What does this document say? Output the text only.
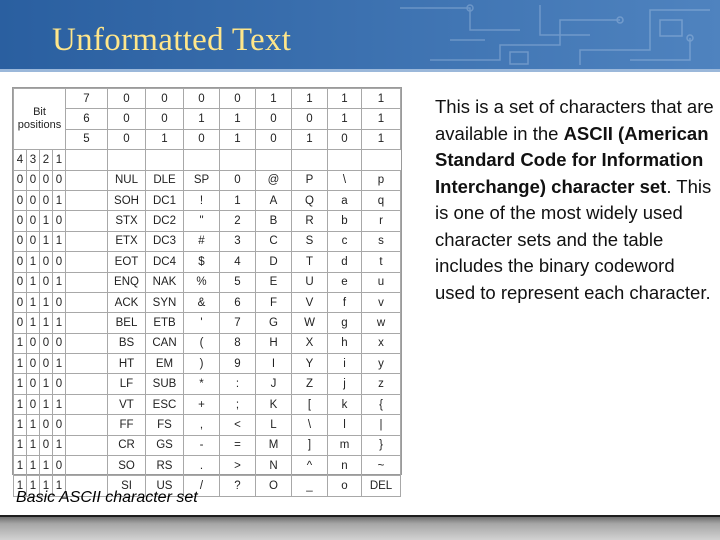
Unformatted Text
Bit positions				7	0	0	0	0	1	1	1	1
				6	0	0	1	1	0	0	1	1
				5	0	1	0	1	0	1	0	1
4	3	2	1									
0	0	0	0		NUL	DLE	SP	0	@	P	\	p
0	0	0	1		SOH	DC1	!	1	A	Q	a	q
0	0	1	0		STX	DC2	"	2	B	R	b	r
0	0	1	1		ETX	DC3	#	3	C	S	c	s
0	1	0	0		EOT	DC4	$	4	D	T	d	t
0	1	0	1		ENQ	NAK	%	5	E	U	e	u
0	1	1	0		ACK	SYN	&	6	F	V	f	v
0	1	1	1		BEL	ETB	'	7	G	W	g	w
1	0	0	0		BS	CAN	(	8	H	X	h	x
1	0	0	1		HT	EM	)	9	I	Y	i	y
1	0	1	0		LF	SUB	*	:	J	Z	j	z
1	0	1	1		VT	ESC	+	;	K	[	k	{
1	1	0	0		FF	FS	,	<	L	\	l	|
1	1	0	1		CR	GS	-	=	M	]	m	}
1	1	1	0		SO	RS	.	>	N	^	n	~
1	1	1	1		SI	US	/	?	O	_	o	DEL
Basic ASCII character set
This is a set of characters that are available in the ASCII (American Standard Code for Information Interchange) character set. This is one of the most widely used character sets and the table includes the binary codeword used to represent each character.
